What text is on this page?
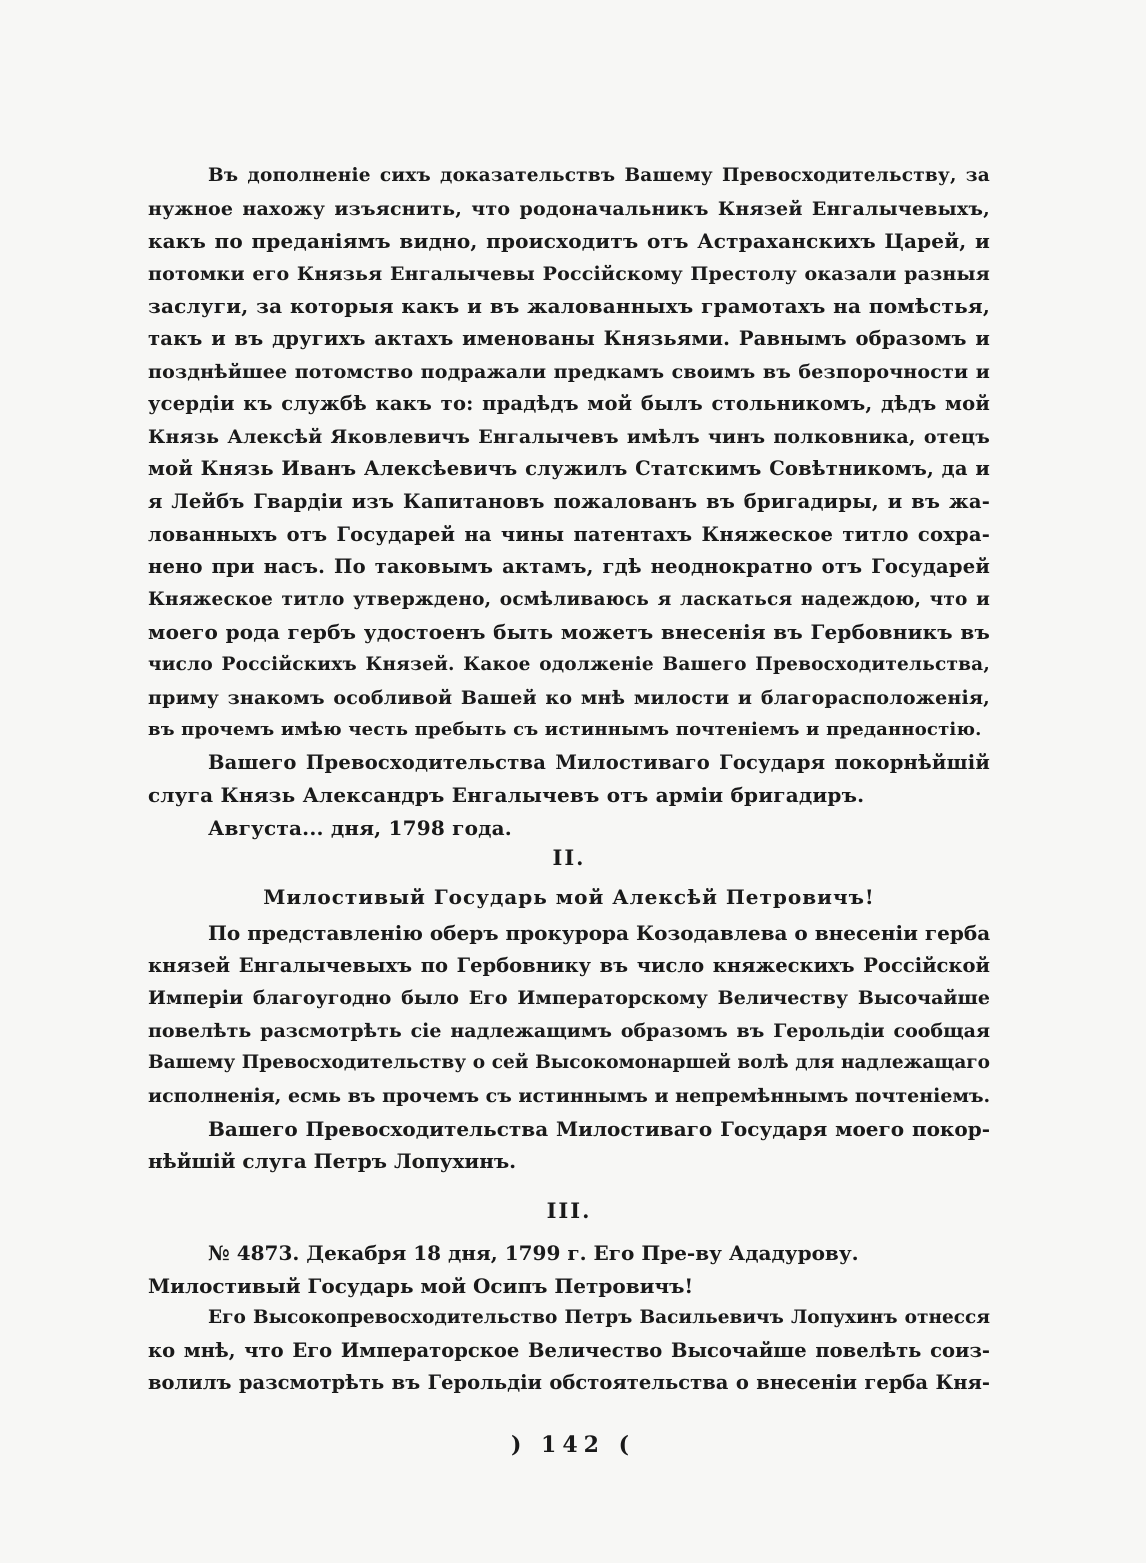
Въ дополненіе сихъ доказательствъ Вашему Превосходительству, за
нужное нахожу изъяснить, что родоначальникъ Князей Енгалычевыхъ,
какъ по преданіямъ видно, происходитъ отъ Астраханскихъ Царей, и
потомки его Князья Енгалычевы Россійскому Престолу оказали разныя
заслуги, за которыя какъ и въ жалованныхъ грамотахъ на помѣстья,
такъ и въ другихъ актахъ именованы Князьями. Равнымъ образомъ и
позднѣйшее потомство подражали предкамъ своимъ въ безпорочности и
усердіи къ службѣ какъ то: прадѣдъ мой былъ стольникомъ, дѣдъ мой
Князь Алексѣй Яковлевичъ Енгалычевъ имѣлъ чинъ полковника, отецъ
мой Князь Иванъ Алексѣевичъ служилъ Статскимъ Совѣтникомъ, да и
я Лейбъ Гвардіи изъ Капитановъ пожалованъ въ бригадиры, и въ жа-
лованныхъ отъ Государей на чины патентахъ Княжеское титло сохра-
нено при насъ. По таковымъ актамъ, гдѣ неоднократно отъ Государей
Княжеское титло утверждено, осмѣливаюсь я ласкаться надеждою, что и
моего рода гербъ удостоенъ быть можетъ внесенія въ Гербовникъ въ
число Россійскихъ Князей. Какое одолженіе Вашего Превосходительства,
приму знакомъ особливой Вашей ко мнѣ милости и благорасположенія,
въ прочемъ имѣю честь пребыть съ истиннымъ почтеніемъ и преданностію.
Вашего Превосходительства Милостиваго Государя покорнѣйшій
слуга Князь Александръ Енгалычевъ отъ арміи бригадиръ.
Августа... дня, 1798 года.
II.
Милостивый Государь мой Алексѣй Петровичъ!
По представленію оберъ прокурора Козодавлева о внесеніи герба
князей Енгалычевыхъ по Гербовнику въ число княжескихъ Россійской
Имперіи благоугодно было Его Императорскому Величеству Высочайше
повелѣть разсмотрѣть сіе надлежащимъ образомъ въ Герольдіи сообщая
Вашему Превосходительству о сей Высокомонаршей волѣ для надлежащаго
исполненія, есмь въ прочемъ съ истиннымъ и непремѣннымъ почтеніемъ.
Вашего Превосходительства Милостиваго Государя моего покор-
нѣйшій слуга Петръ Лопухинъ.
III.
№ 4873. Декабря 18 дня, 1799 г. Его Пре-ву Ададурову.
Милостивый Государь мой Осипъ Петровичъ!
Его Высокопревосходительство Петръ Васильевичъ Лопухинъ отнесся
ко мнѣ, что Его Императорское Величество Высочайше повелѣть соиз-
волилъ разсмотрѣть въ Герольдіи обстоятельства о внесеніи герба Кня-
) 142 (
